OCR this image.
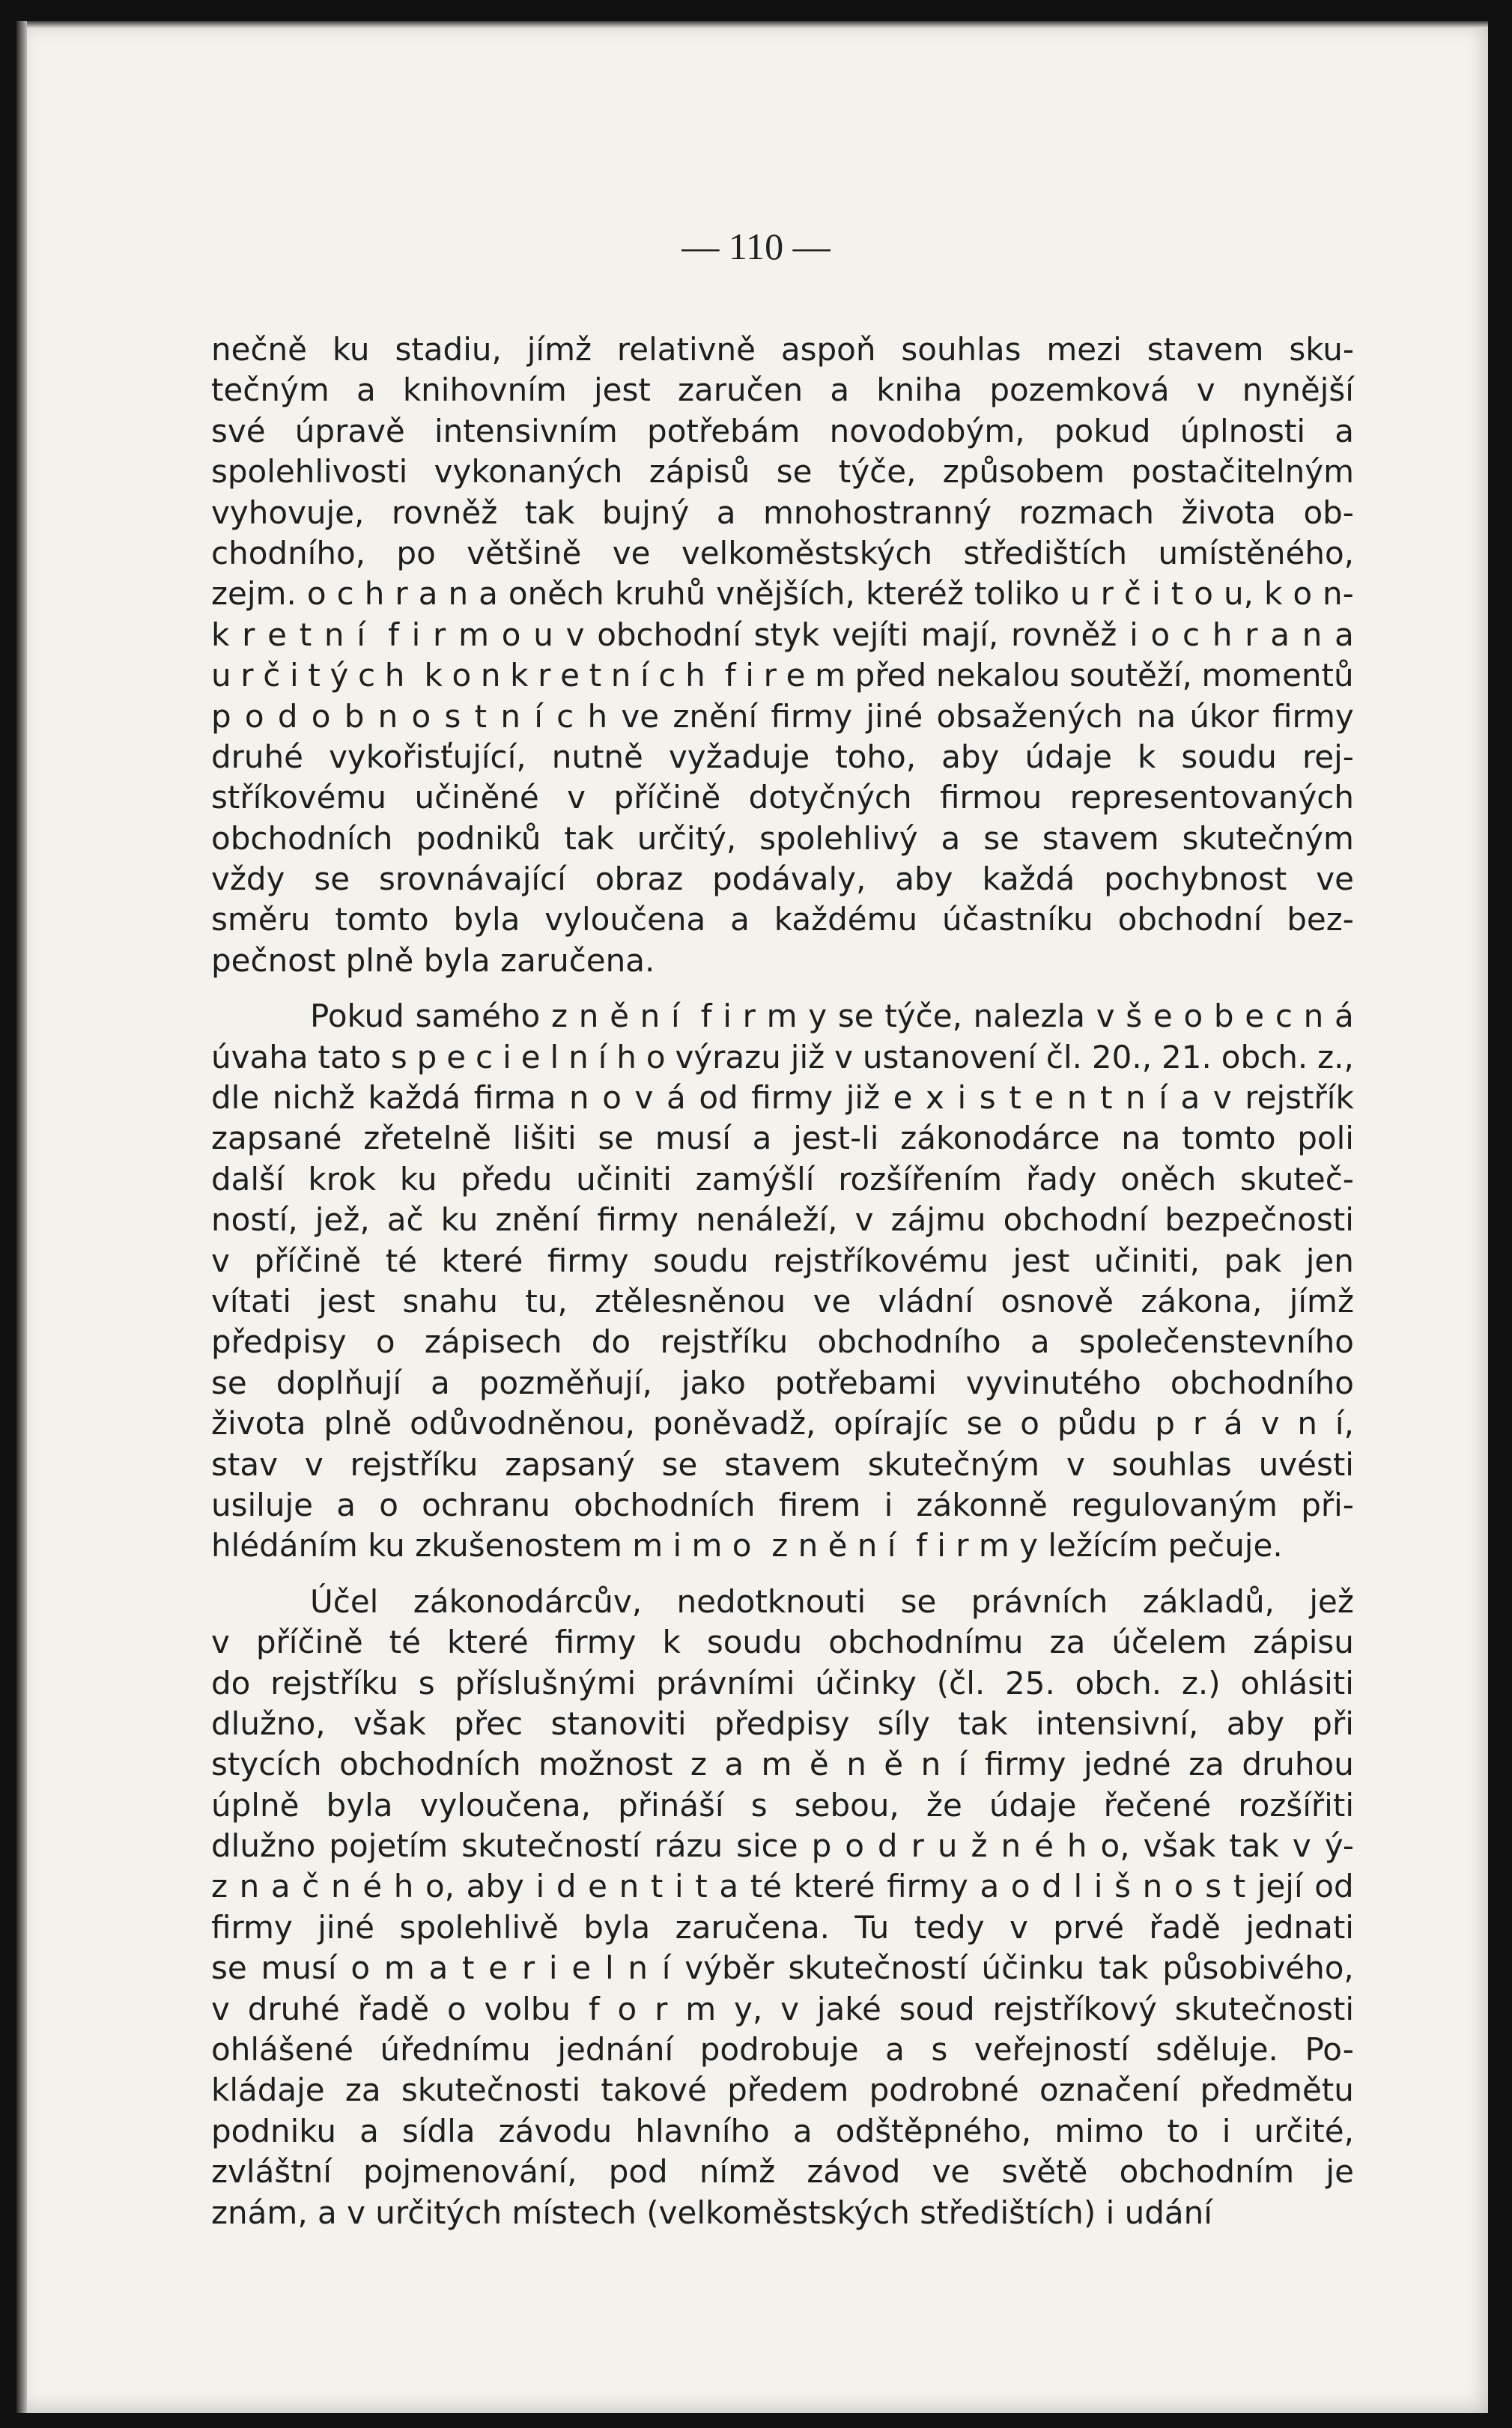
— 110 —
nečně ku stadiu, jímž relativně aspoň souhlas mezi stavem sku-
tečným a knihovním jest zaručen a kniha pozemková v nynější
své úpravě intensivním potřebám novodobým, pokud úplnosti a
spolehlivosti vykonaných zápisů se týče, způsobem postačitelným
vyhovuje, rovněž tak bujný a mnohostranný rozmach života ob-
chodního, po většině ve velkoměstských středištích umístěného,
zejm. o c h r a n a oněch kruhů vnějších, kteréž toliko u r č i t o u, k o n-
k r e t n í f i r m o u v obchodní styk vejíti mají, rovněž i o c h r a n a
u r č i t ý c h k o n k r e t n í c h f i r e m před nekalou soutěží, momentů
p o d o b n o s t n í c h ve znění firmy jiné obsažených na úkor firmy
druhé vykořisťující, nutně vyžaduje toho, aby údaje k soudu rej-
stříkovému učiněné v příčině dotyčných firmou representovaných
obchodních podniků tak určitý, spolehlivý a se stavem skutečným
vždy se srovnávající obraz podávaly, aby každá pochybnost ve
směru tomto byla vyloučena a každému účastníku obchodní bez-
pečnost plně byla zaručena.
Pokud samého z n ě n í f i r m y se týče, nalezla v š e o b e c n á
úvaha tato s p e c i e l n í h o výrazu již v ustanovení čl. 20., 21. obch. z.,
dle nichž každá firma n o v á od firmy již e x i s t e n t n í a v rejstřík
zapsané zřetelně lišiti se musí a jest-li zákonodárce na tomto poli
další krok ku předu učiniti zamýšlí rozšířením řady oněch skuteč-
ností, jež, ač ku znění firmy nenáleží, v zájmu obchodní bezpečnosti
v příčině té které firmy soudu rejstříkovému jest učiniti, pak jen
vítati jest snahu tu, ztělesněnou ve vládní osnově zákona, jímž
předpisy o zápisech do rejstříku obchodního a společenstevního
se doplňují a pozměňují, jako potřebami vyvinutého obchodního
života plně odůvodněnou, poněvadž, opírajíc se o půdu p r á v n í,
stav v rejstříku zapsaný se stavem skutečným v souhlas uvésti
usiluje a o ochranu obchodních firem i zákonně regulovaným při-
hlédáním ku zkušenostem m i m o  z n ě n í  f i r m y ležícím pečuje.
Účel zákonodárcův, nedotknouti se právních základů, jež
v příčině té které firmy k soudu obchodnímu za účelem zápisu
do rejstříku s příslušnými právními účinky (čl. 25. obch. z.) ohlásiti
dlužno, však přec stanoviti předpisy síly tak intensivní, aby při
stycích obchodních možnost z a m ě n ě n í firmy jedné za druhou
úplně byla vyloučena, přináší s sebou, že údaje řečené rozšířiti
dlužno pojetím skutečností rázu sice p o d r u ž n é h o, však tak v ý-
z n a č n é h o, aby i d e n t i t a té které firmy a o d l i š n o s t její od
firmy jiné spolehlivě byla zaručena. Tu tedy v prvé řadě jednati
se musí o m a t e r i e l n í výběr skutečností účinku tak působivého,
v druhé řadě o volbu f o r m y, v jaké soud rejstříkový skutečnosti
ohlášené úřednímu jednání podrobuje a s veřejností sděluje. Po-
kládaje za skutečnosti takové předem podrobné označení předmětu
podniku a sídla závodu hlavního a odštěpného, mimo to i určité,
zvláštní pojmenování, pod nímž závod ve světě obchodním je
znám, a v určitých místech (velkoměstských středištích) i udání
